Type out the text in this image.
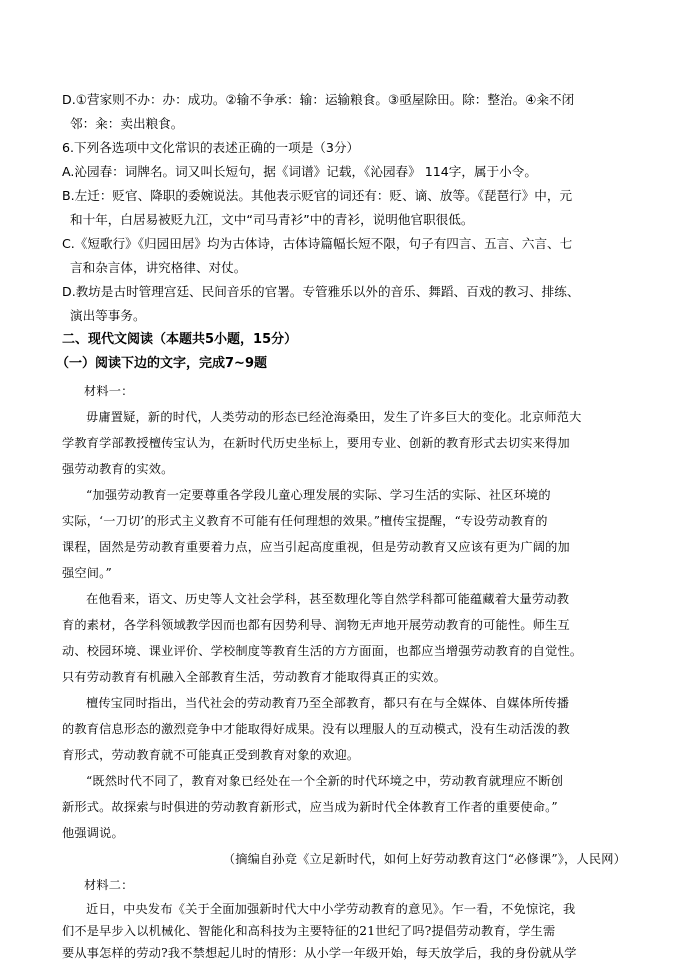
D.①营家则不办：办：成功。②输不争承：输：运输粮食。③亟屋除田。除：整治。④籴不闭
邻：籴：卖出粮食。
6.下列各选项中文化常识的表述正确的一项是（3分）
A.沁园春：词牌名。词又叫长短句，据《词谱》记载，《沁园春》 114字，属于小令。
B.左迁：贬官、降职的委婉说法。其他表示贬官的词还有：贬、谪、放等。《琵琶行》中，元
和十年，白居易被贬九江，文中“司马青衫”中的青衫，说明他官职很低。
C.《短歌行》《归园田居》均为古体诗，古体诗篇幅长短不限，句子有四言、五言、六言、七
言和杂言体，讲究格律、对仗。
D.教坊是古时管理宫廷、民间音乐的官署。专管雅乐以外的音乐、舞蹈、百戏的教习、排练、
演出等事务。
二、现代文阅读（本题共5小题，15分）
（一）阅读下边的文字，完成7~9题
材料一：
毋庸置疑，新的时代，人类劳动的形态已经沧海桑田，发生了许多巨大的变化。北京师范大
学教育学部教授檀传宝认为，在新时代历史坐标上，要用专业、创新的教育形式去切实来得加
强劳动教育的实效。
“加强劳动教育一定要尊重各学段儿童心理发展的实际、学习生活的实际、社区环境的
实际，‘一刀切’的形式主义教育不可能有任何理想的效果。”檀传宝提醒，“专设劳动教育的
课程，固然是劳动教育重要着力点，应当引起高度重视，但是劳动教育又应该有更为广阔的加
强空间。”
在他看来，语文、历史等人文社会学科，甚至数理化等自然学科都可能蕴藏着大量劳动教
育的素材，各学科领域教学因而也都有因势利导、润物无声地开展劳动教育的可能性。师生互
动、校园环境、课业评价、学校制度等教育生活的方方面面，也都应当增强劳动教育的自觉性。
只有劳动教育有机融入全部教育生活，劳动教育才能取得真正的实效。
檀传宝同时指出，当代社会的劳动教育乃至全部教育，都只有在与全媒体、自媒体所传播
的教育信息形态的激烈竞争中才能取得好成果。没有以理服人的互动模式，没有生动活泼的教
育形式，劳动教育就不可能真正受到教育对象的欢迎。
“既然时代不同了，教育对象已经处在一个全新的时代环境之中，劳动教育就理应不断创
新形式。故探索与时俱进的劳动教育新形式，应当成为新时代全体教育工作者的重要使命。”
他强调说。
（摘编自孙竞《立足新时代，如何上好劳动教育这门“必修课”》，人民网）
材料二：
近日，中央发布《关于全面加强新时代大中小学劳动教育的意见》。乍一看，不免惊诧，我
们不是早步入以机械化、智能化和高科技为主要特征的21世纪了吗?提倡劳动教育，学生需
要从事怎样的劳动?我不禁想起儿时的情形：从小学一年级开始，每天放学后，我的身份就从学
